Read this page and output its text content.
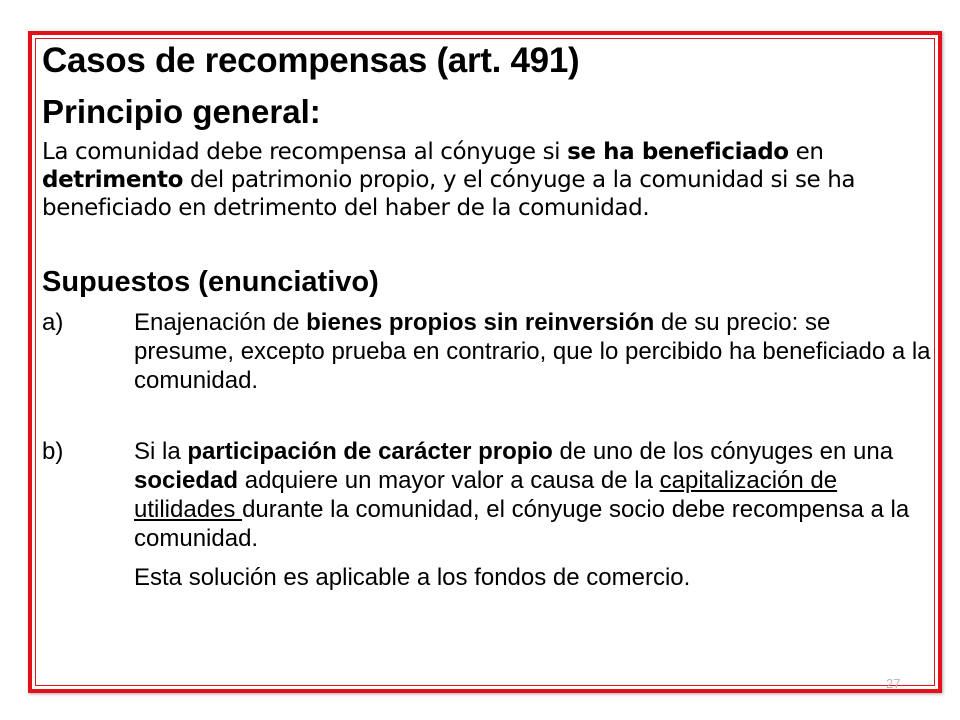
Casos de recompensas (art. 491)
Principio general:

La comunidad debe recompensa al cónyuge si se ha beneficiado en detrimento del patrimonio propio, y el cónyuge a la comunidad si se ha beneficiado en detrimento del haber de la comunidad.

Supuestos (enunciativo)
a)	Enajenación de bienes propios sin reinversión de su precio: se presume, excepto prueba en contrario, que lo percibido ha beneficiado a la comunidad.
b)	Si la participación de carácter propio de uno de los cónyuges en una sociedad adquiere un mayor valor a causa de la capitalización de utilidades durante la comunidad, el cónyuge socio debe recompensa a la comunidad.
Esta solución es aplicable a los fondos de comercio.
27
